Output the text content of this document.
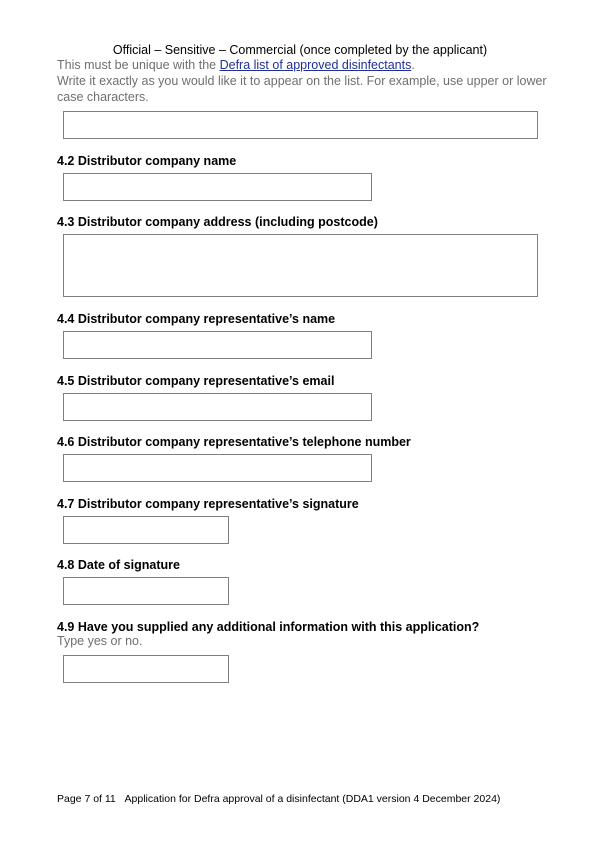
Official – Sensitive – Commercial (once completed by the applicant)
This must be unique with the Defra list of approved disinfectants.
Write it exactly as you would like it to appear on the list. For example, use upper or lower case characters.
4.2 Distributor company name
4.3 Distributor company address (including postcode)
4.4 Distributor company representative’s name
4.5 Distributor company representative’s email
4.6 Distributor company representative’s telephone number
4.7 Distributor company representative’s signature
4.8 Date of signature
4.9 Have you supplied any additional information with this application?
Type yes or no.
Page 7 of 11 Application for Defra approval of a disinfectant (DDA1 version 4 December 2024)
